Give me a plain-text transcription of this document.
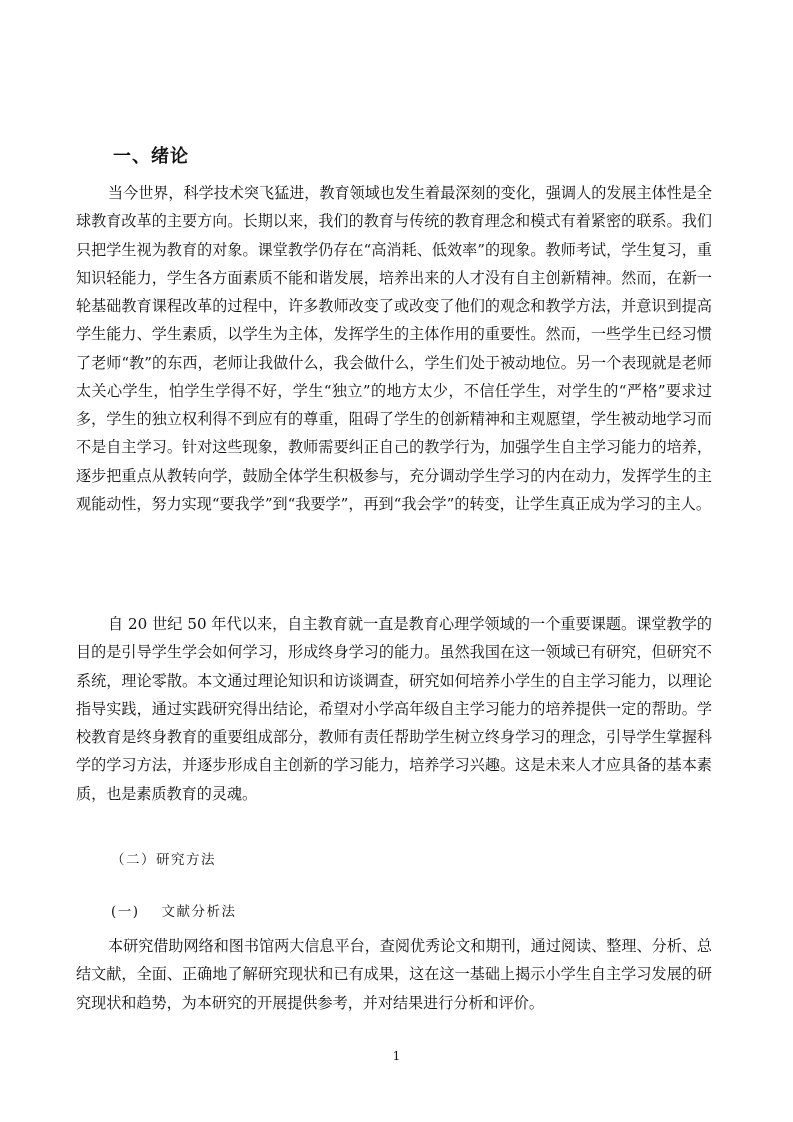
一、绪论

当今世界，科学技术突飞猛进，教育领域也发生着最深刻的变化，强调人的发展主体性是全球教育改革的主要方向。长期以来，我们的教育与传统的教育理念和模式有着紧密的联系。我们只把学生视为教育的对象。课堂教学仍存在“高消耗、低效率”的现象。教师考试，学生复习，重知识轻能力，学生各方面素质不能和谐发展，培养出来的人才没有自主创新精神。然而，在新一轮基础教育课程改革的过程中，许多教师改变了或改变了他们的观念和教学方法，并意识到提高学生能力、学生素质，以学生为主体，发挥学生的主体作用的重要性。然而，一些学生已经习惯了老师“教”的东西，老师让我做什么，我会做什么，学生们处于被动地位。另一个表现就是老师太关心学生，怕学生学得不好，学生“独立”的地方太少，不信任学生，对学生的“严格”要求过多，学生的独立权利得不到应有的尊重，阻碍了学生的创新精神和主观愿望，学生被动地学习而不是自主学习。针对这些现象，教师需要纠正自己的教学行为，加强学生自主学习能力的培养，逐步把重点从教转向学，鼓励全体学生积极参与，充分调动学生学习的内在动力，发挥学生的主观能动性，努力实现“要我学”到“我要学”，再到“我会学”的转变，让学生真正成为学习的主人。

自 20 世纪 50 年代以来，自主教育就一直是教育心理学领域的一个重要课题。课堂教学的目的是引导学生学会如何学习，形成终身学习的能力。虽然我国在这一领域已有研究，但研究不系统，理论零散。本文通过理论知识和访谈调查，研究如何培养小学生的自主学习能力，以理论指导实践，通过实践研究得出结论，希望对小学高年级自主学习能力的培养提供一定的帮助。学校教育是终身教育的重要组成部分，教师有责任帮助学生树立终身学习的理念，引导学生掌握科学的学习方法，并逐步形成自主创新的学习能力，培养学习兴趣。这是未来人才应具备的基本素质，也是素质教育的灵魂。

（二）研究方法

(一) 文献分析法

本研究借助网络和图书馆两大信息平台，查阅优秀论文和期刊，通过阅读、整理、分析、总结文献，全面、正确地了解研究现状和已有成果，这在这一基础上揭示小学生自主学习发展的研究现状和趋势，为本研究的开展提供参考，并对结果进行分析和评价。

1
